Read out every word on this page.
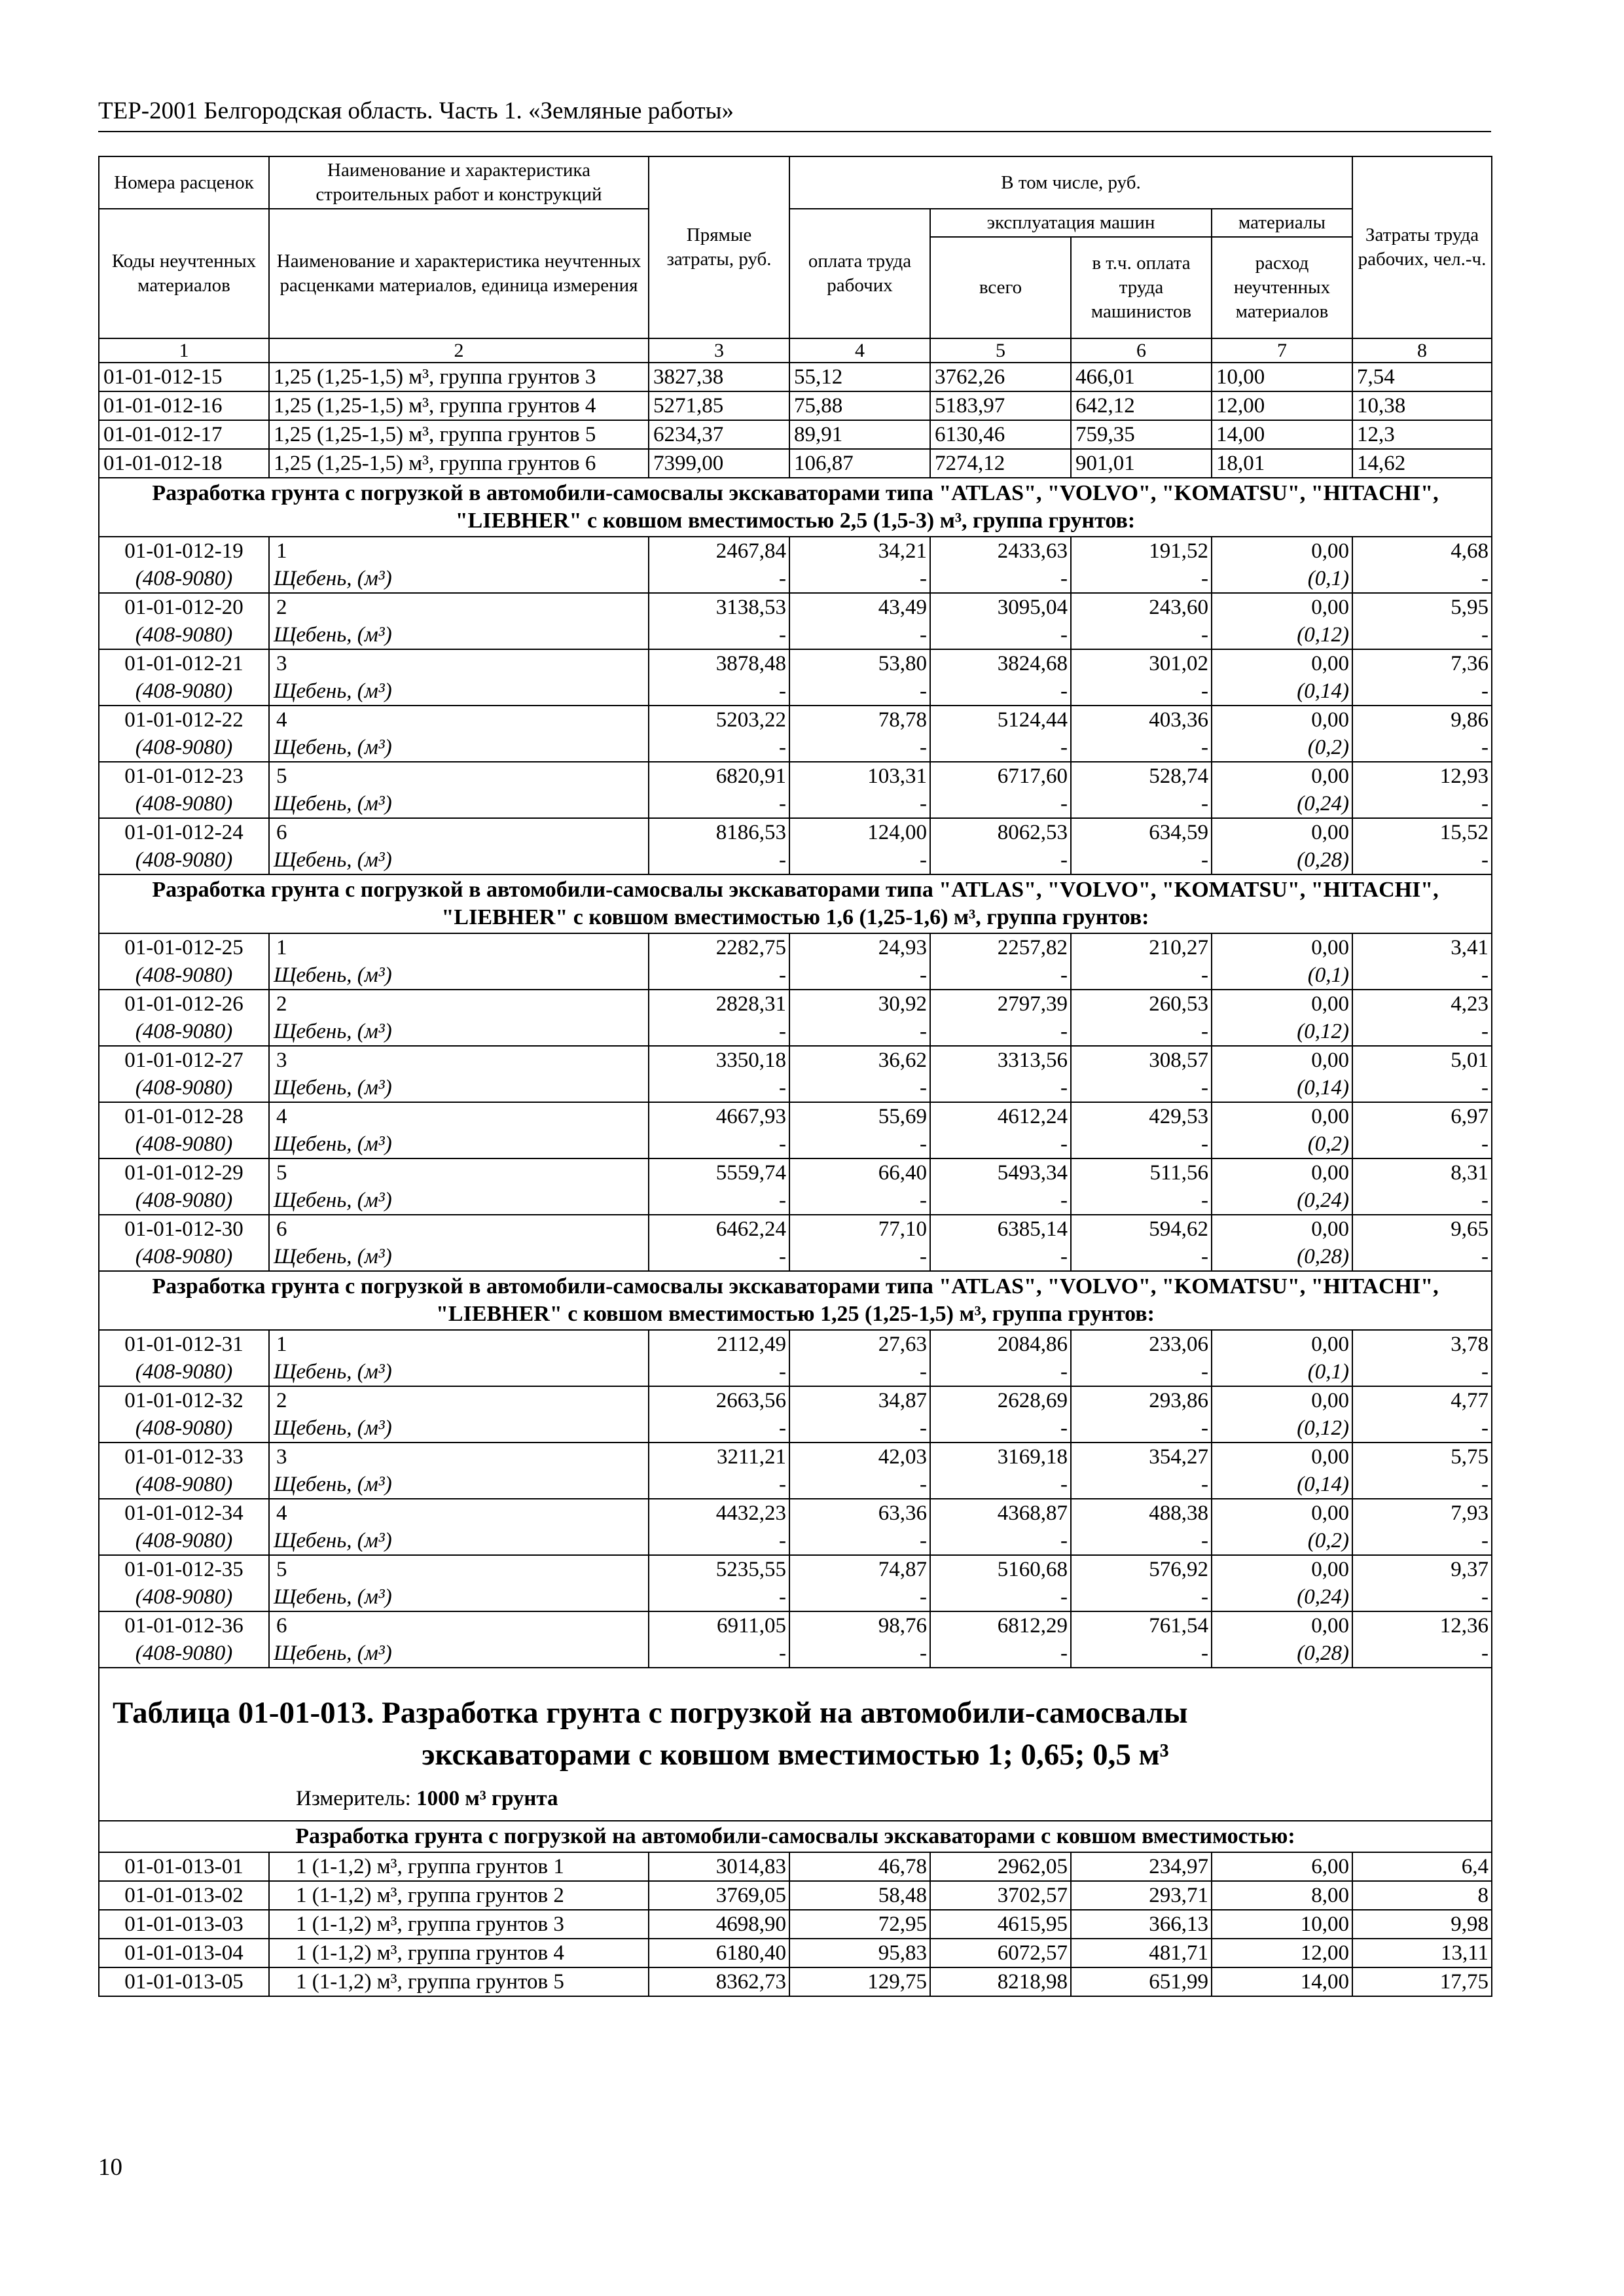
ТЕР-2001 Белгородская область. Часть 1. «Земляные работы»
Номера расценок	Наименование и характеристика строительных работ и конструкций	Прямые затраты, руб.	В том числе, руб.				Затраты труда рабочих, чел.-ч.
Коды неучтенных материалов	Наименование и характеристика неучтенных расценками материалов, единица измерения		оплата труда рабочих	эксплуатация машин		материалы	
				всего	в т.ч. оплата труда машинистов	расход неучтенных материалов	
1	2	3	4	5	6	7	8
01-01-012-15	1,25 (1,25-1,5) м³, группа грунтов 3	3827,38	55,12	3762,26	466,01	10,00	7,54
01-01-012-16	1,25 (1,25-1,5) м³, группа грунтов 4	5271,85	75,88	5183,97	642,12	12,00	10,38
01-01-012-17	1,25 (1,25-1,5) м³, группа грунтов 5	6234,37	89,91	6130,46	759,35	14,00	12,3
01-01-012-18	1,25 (1,25-1,5) м³, группа грунтов 6	7399,00	106,87	7274,12	901,01	18,01	14,62
Разработка грунта с погрузкой в автомобили-самосвалы экскаваторами типа "ATLAS", "VOLVO", "KOMATSU", "HITACHI", "LIEBHER" с ковшом вместимостью 2,5 (1,5-3) м³, группа грунтов:							
01-01-012-19	1	2467,84	34,21	2433,63	191,52	0,00	4,68
(408-9080)	Щебень, (м³)	-	-	-	-	(0,1)	-
01-01-012-20	2	3138,53	43,49	3095,04	243,60	0,00	5,95
(408-9080)	Щебень, (м³)	-	-	-	-	(0,12)	-
01-01-012-21	3	3878,48	53,80	3824,68	301,02	0,00	7,36
(408-9080)	Щебень, (м³)	-	-	-	-	(0,14)	-
01-01-012-22	4	5203,22	78,78	5124,44	403,36	0,00	9,86
(408-9080)	Щебень, (м³)	-	-	-	-	(0,2)	-
01-01-012-23	5	6820,91	103,31	6717,60	528,74	0,00	12,93
(408-9080)	Щебень, (м³)	-	-	-	-	(0,24)	-
01-01-012-24	6	8186,53	124,00	8062,53	634,59	0,00	15,52
(408-9080)	Щебень, (м³)	-	-	-	-	(0,28)	-
Разработка грунта с погрузкой в автомобили-самосвалы экскаваторами типа "ATLAS", "VOLVO", "KOMATSU", "HITACHI", "LIEBHER" с ковшом вместимостью 1,6 (1,25-1,6) м³, группа грунтов:							
01-01-012-25	1	2282,75	24,93	2257,82	210,27	0,00	3,41
(408-9080)	Щебень, (м³)	-	-	-	-	(0,1)	-
01-01-012-26	2	2828,31	30,92	2797,39	260,53	0,00	4,23
(408-9080)	Щебень, (м³)	-	-	-	-	(0,12)	-
01-01-012-27	3	3350,18	36,62	3313,56	308,57	0,00	5,01
(408-9080)	Щебень, (м³)	-	-	-	-	(0,14)	-
01-01-012-28	4	4667,93	55,69	4612,24	429,53	0,00	6,97
(408-9080)	Щебень, (м³)	-	-	-	-	(0,2)	-
01-01-012-29	5	5559,74	66,40	5493,34	511,56	0,00	8,31
(408-9080)	Щебень, (м³)	-	-	-	-	(0,24)	-
01-01-012-30	6	6462,24	77,10	6385,14	594,62	0,00	9,65
(408-9080)	Щебень, (м³)	-	-	-	-	(0,28)	-
Разработка грунта с погрузкой в автомобили-самосвалы экскаваторами типа "ATLAS", "VOLVO", "KOMATSU", "HITACHI", "LIEBHER" с ковшом вместимостью 1,25 (1,25-1,5) м³, группа грунтов:							
01-01-012-31	1	2112,49	27,63	2084,86	233,06	0,00	3,78
(408-9080)	Щебень, (м³)	-	-	-	-	(0,1)	-
01-01-012-32	2	2663,56	34,87	2628,69	293,86	0,00	4,77
(408-9080)	Щебень, (м³)	-	-	-	-	(0,12)	-
01-01-012-33	3	3211,21	42,03	3169,18	354,27	0,00	5,75
(408-9080)	Щебень, (м³)	-	-	-	-	(0,14)	-
01-01-012-34	4	4432,23	63,36	4368,87	488,38	0,00	7,93
(408-9080)	Щебень, (м³)	-	-	-	-	(0,2)	-
01-01-012-35	5	5235,55	74,87	5160,68	576,92	0,00	9,37
(408-9080)	Щебень, (м³)	-	-	-	-	(0,24)	-
01-01-012-36	6	6911,05	98,76	6812,29	761,54	0,00	12,36
(408-9080)	Щебень, (м³)	-	-	-	-	(0,28)	-

Таблица 01-01-013. Разработка грунта с погрузкой на автомобили-самосвалы
экскаваторами с ковшом вместимостью 1; 0,65; 0,5 м³
Измеритель: 1000 м³ грунта							

Разработка грунта с погрузкой на автомобили-самосвалы экскаваторами с ковшом вместимостью:							
01-01-013-01	1 (1-1,2) м³, группа грунтов 1	3014,83	46,78	2962,05	234,97	6,00	6,4
01-01-013-02	1 (1-1,2) м³, группа грунтов 2	3769,05	58,48	3702,57	293,71	8,00	8
01-01-013-03	1 (1-1,2) м³, группа грунтов 3	4698,90	72,95	4615,95	366,13	10,00	9,98
01-01-013-04	1 (1-1,2) м³, группа грунтов 4	6180,40	95,83	6072,57	481,71	12,00	13,11
01-01-013-05	1 (1-1,2) м³, группа грунтов 5	8362,73	129,75	8218,98	651,99	14,00	17,75
10
